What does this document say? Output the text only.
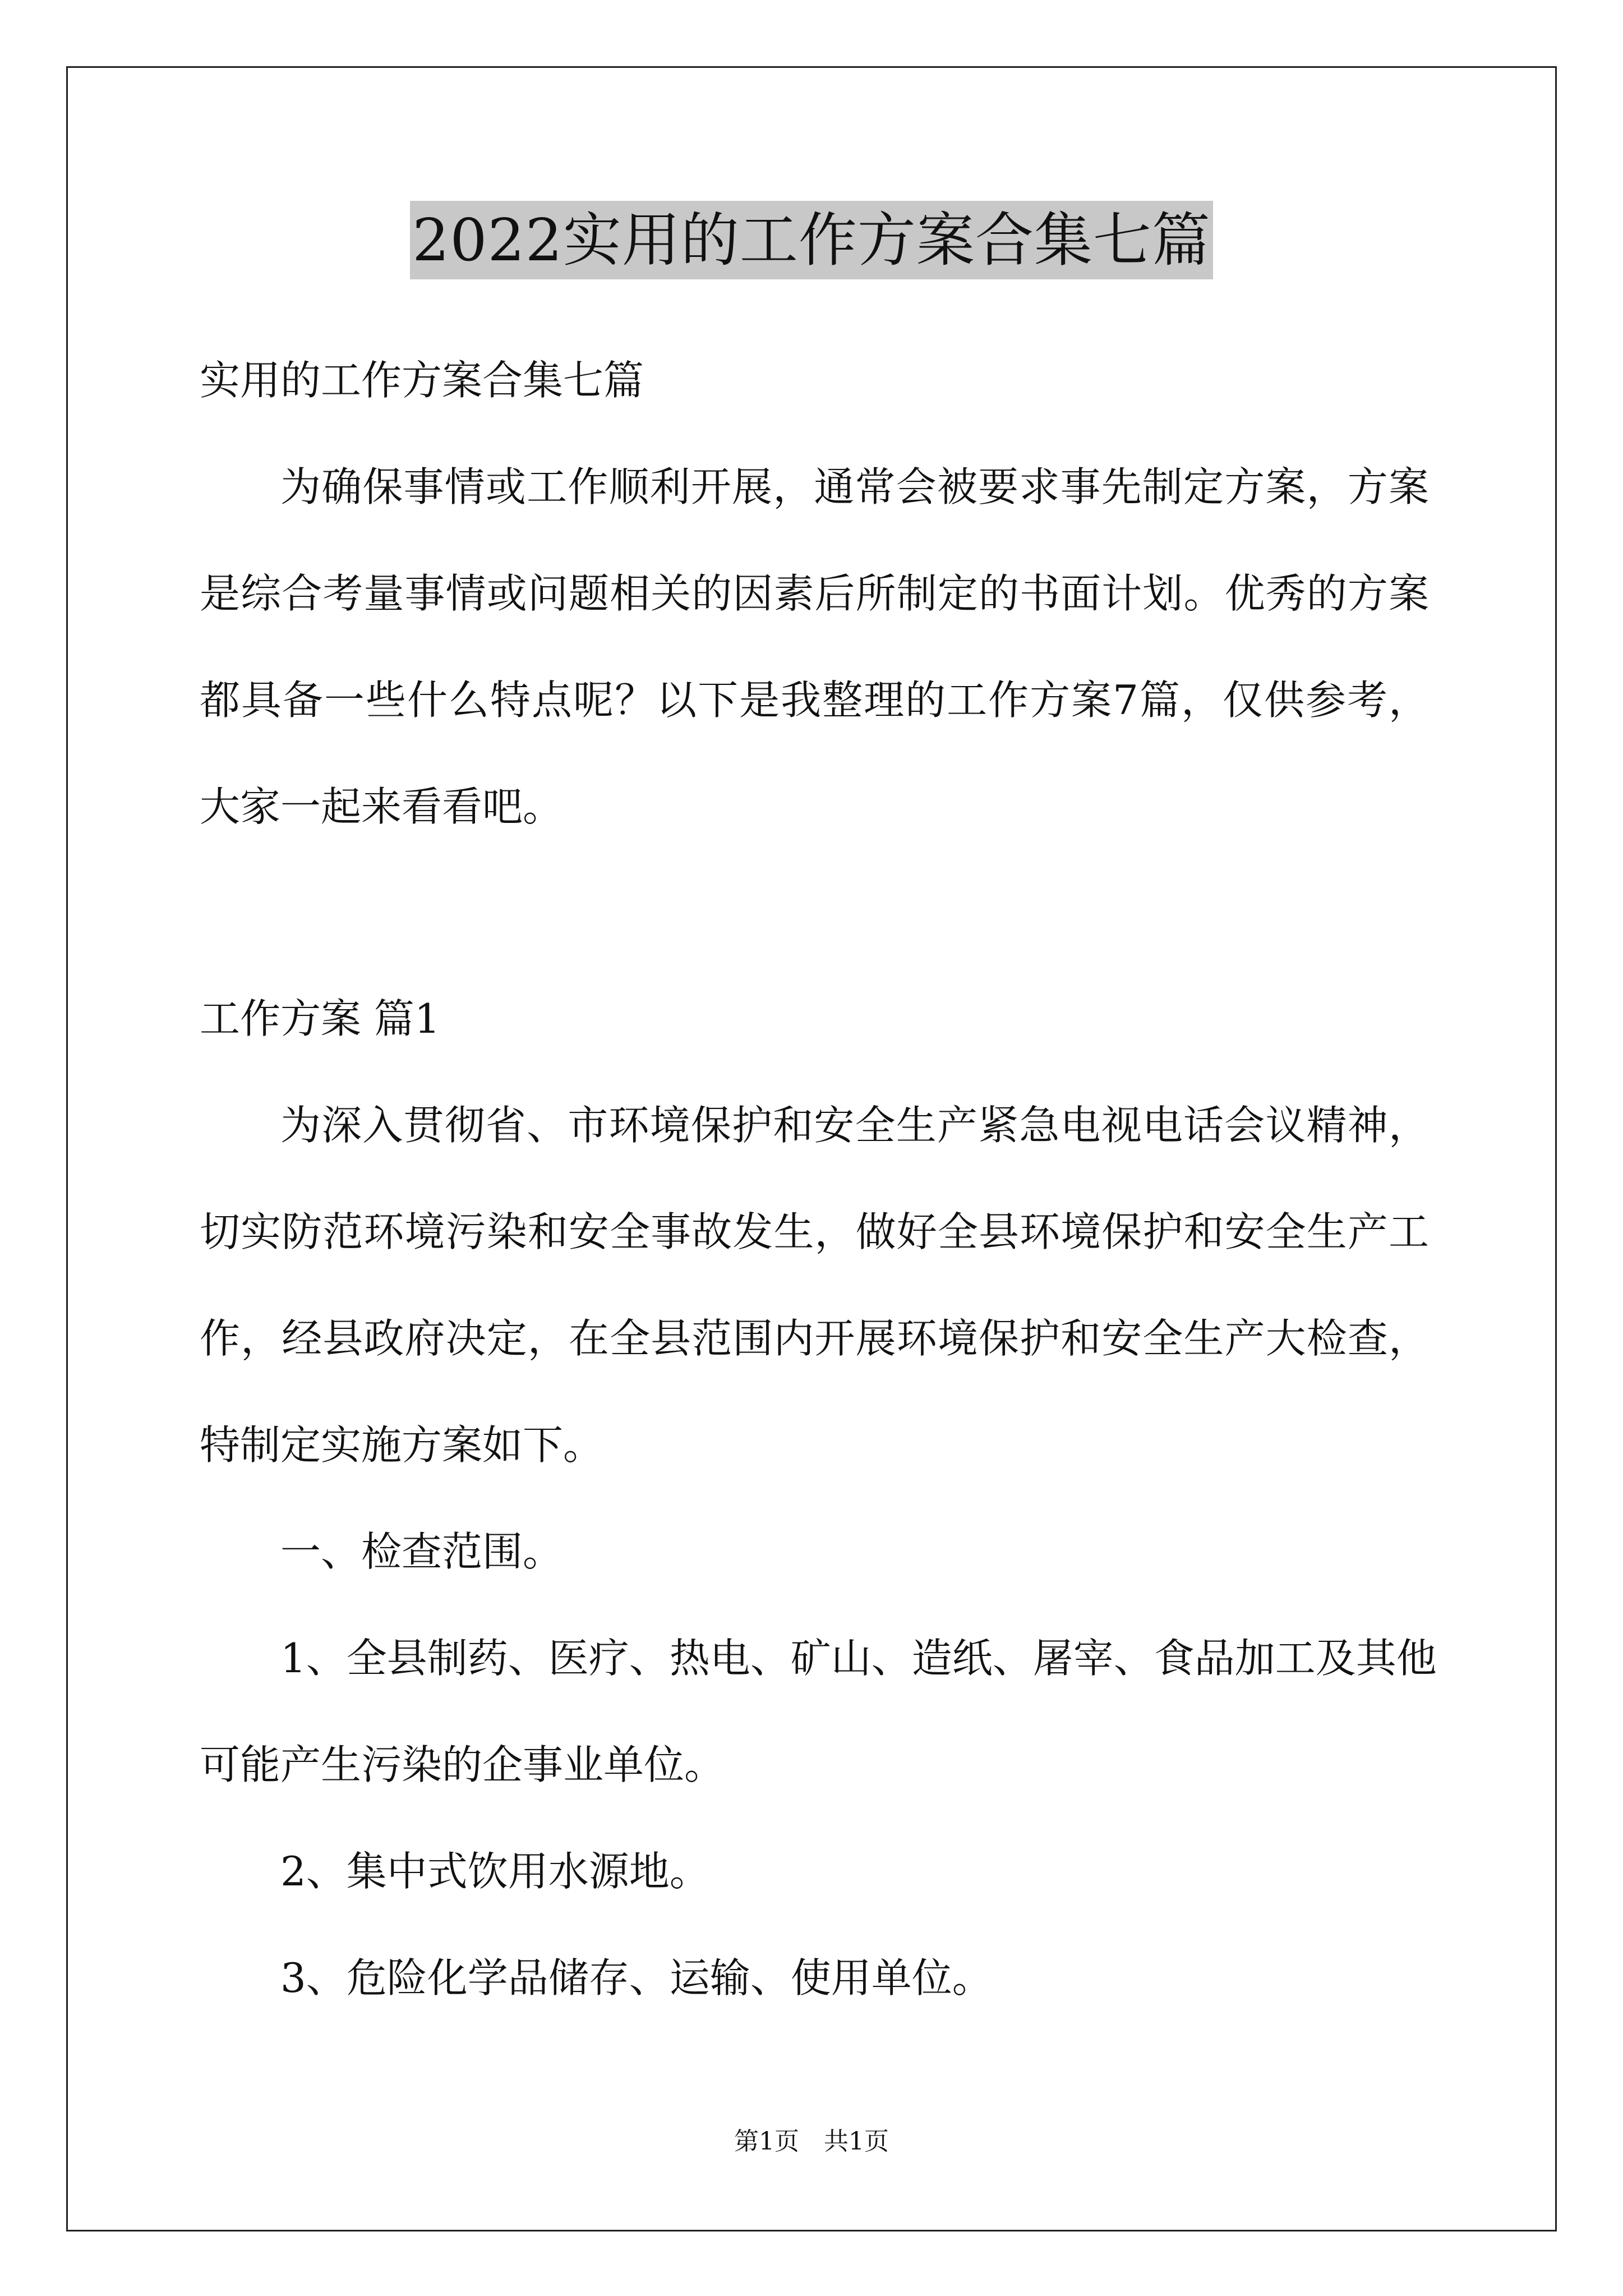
2022实用的工作方案合集七篇
实用的工作方案合集七篇
为确保事情或工作顺利开展，通常会被要求事先制定方案，方案
是综合考量事情或问题相关的因素后所制定的书面计划。优秀的方案
都具备一些什么特点呢？以下是我整理的工作方案7篇，仅供参考，
大家一起来看看吧。
工作方案 篇1
为深入贯彻省、市环境保护和安全生产紧急电视电话会议精神，
切实防范环境污染和安全事故发生，做好全县环境保护和安全生产工
作，经县政府决定，在全县范围内开展环境保护和安全生产大检查，
特制定实施方案如下。
一、检查范围。
1、全县制药、医疗、热电、矿山、造纸、屠宰、食品加工及其他
可能产生污染的企事业单位。
2、集中式饮用水源地。
3、危险化学品储存、运输、使用单位。
第1页　共1页
